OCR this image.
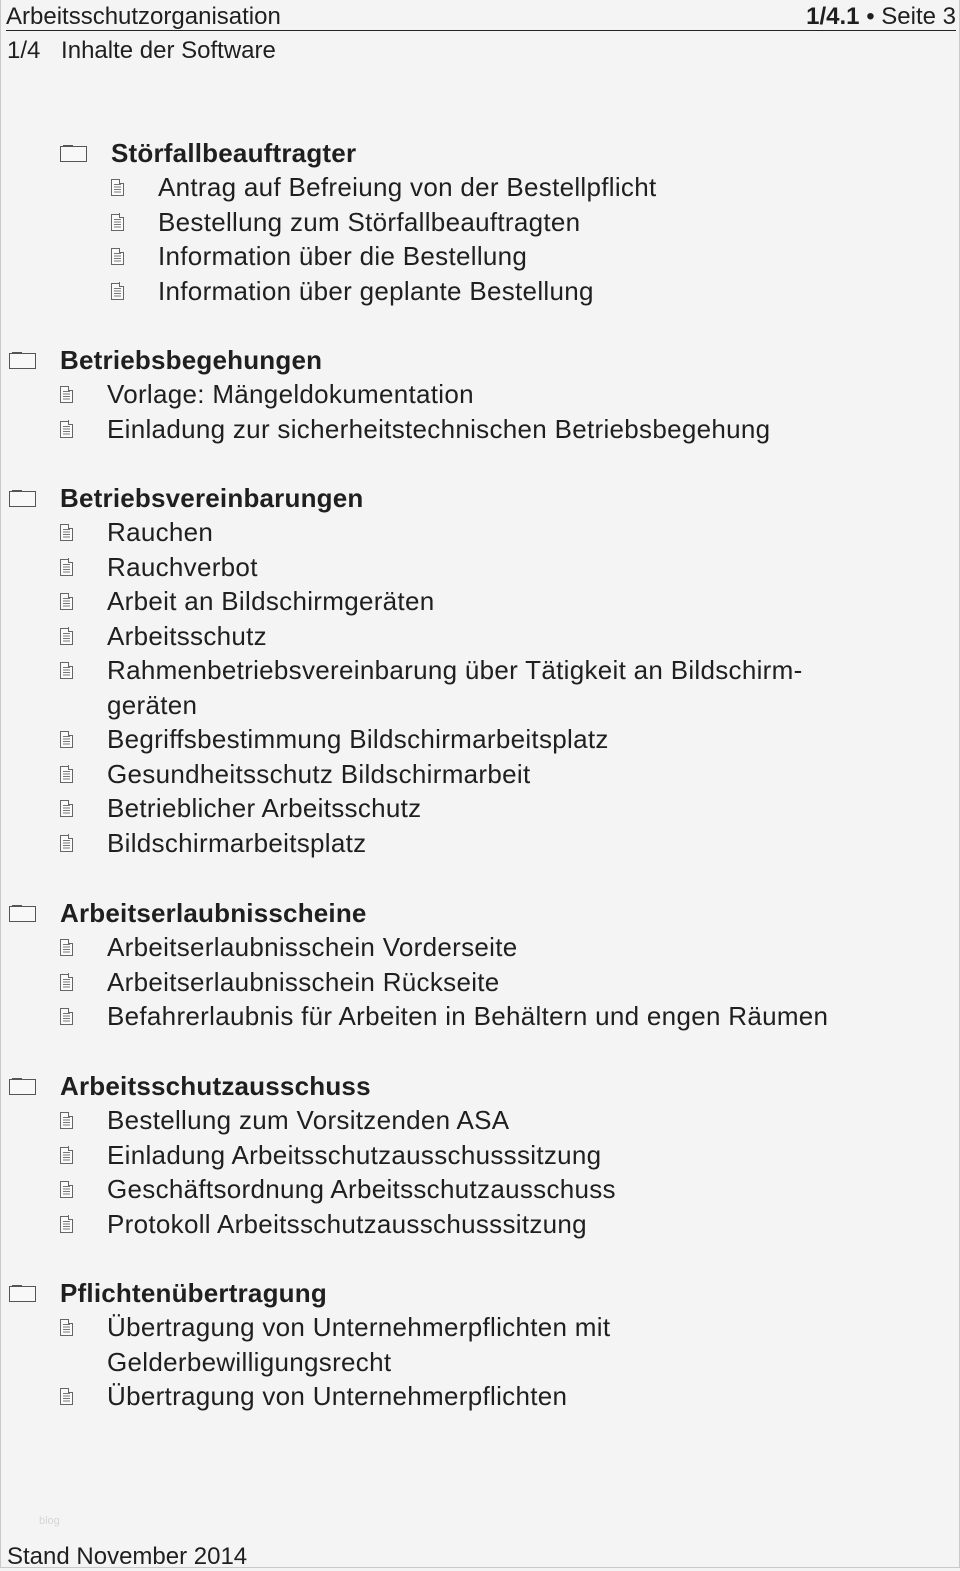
Arbeitsschutzorganisation	1/4.1 • Seite 3
1/4 Inhalte der Software
Störfallbeauftragter
Antrag auf Befreiung von der Bestellpflicht
Bestellung zum Störfallbeauftragten
Information über die Bestellung
Information über geplante Bestellung
Betriebsbegehungen
Vorlage: Mängeldokumentation
Einladung zur sicherheitstechnischen Betriebsbegehung
Betriebsvereinbarungen
Rauchen
Rauchverbot
Arbeit an Bildschirmgeräten
Arbeitsschutz
Rahmenbetriebsvereinbarung über Tätigkeit an Bildschirm-geräten
Begriffsbestimmung Bildschirmarbeitsplatz
Gesundheitsschutz Bildschirmarbeit
Betrieblicher Arbeitsschutz
Bildschirmarbeitsplatz
Arbeitserlaubnisscheine
Arbeitserlaubnisschein Vorderseite
Arbeitserlaubnisschein Rückseite
Befahrerlaubnis für Arbeiten in Behältern und engen Räumen
Arbeitsschutzausschuss
Bestellung zum Vorsitzenden ASA
Einladung Arbeitsschutzausschusssitzung
Geschäftsordnung Arbeitsschutzausschuss
Protokoll Arbeitsschutzausschusssitzung
Pflichtenübertragung
Übertragung von Unternehmerpflichten mit Gelderbewilligungsrecht
Übertragung von Unternehmerpflichten
blog
Stand November 2014
